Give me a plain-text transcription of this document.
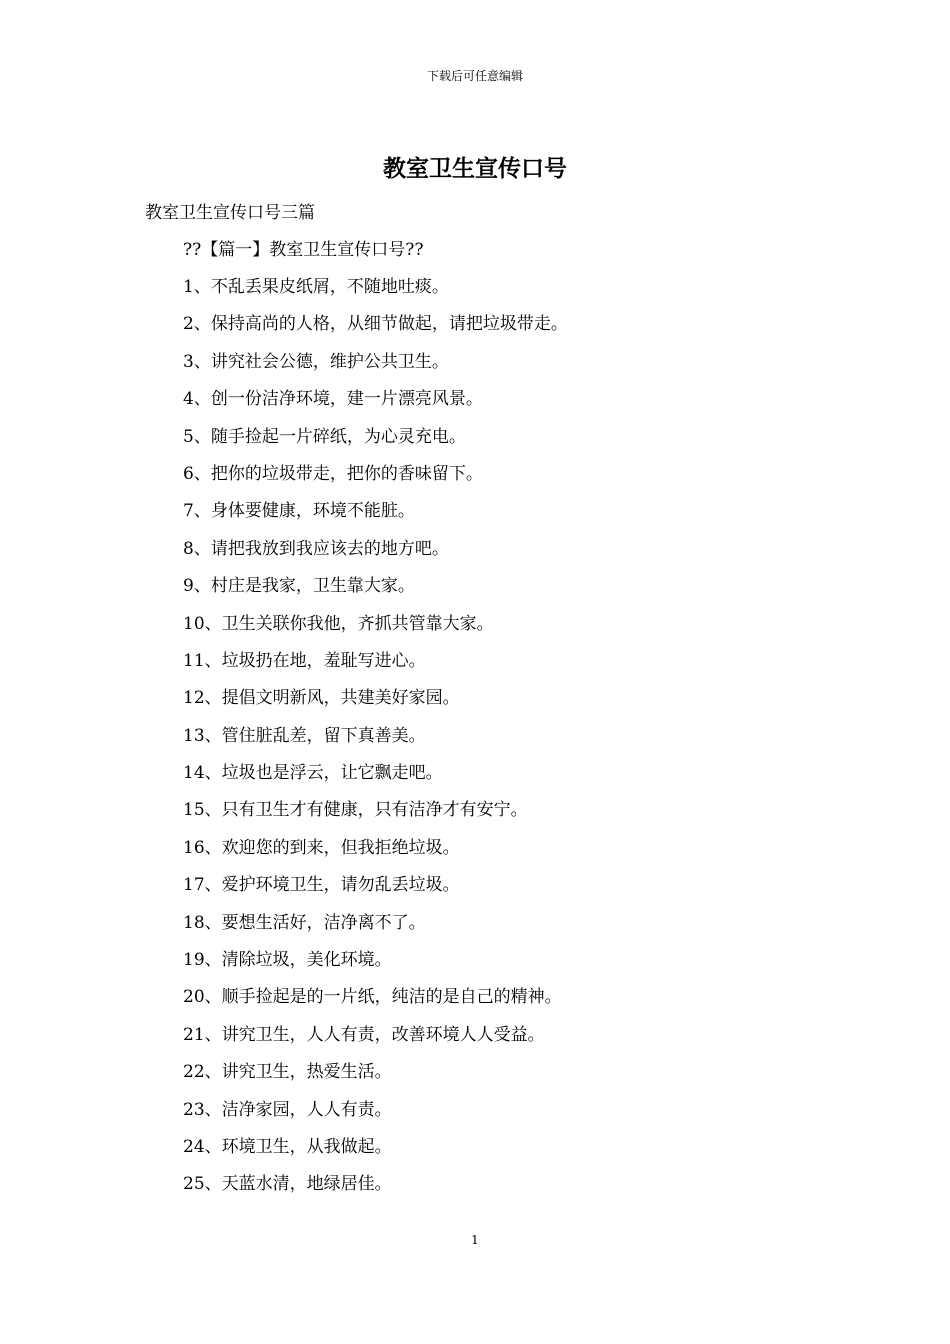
下载后可任意编辑
教室卫生宣传口号
教室卫生宣传口号三篇
??【篇一】教室卫生宣传口号??
1、不乱丢果皮纸屑，不随地吐痰。
2、保持高尚的人格，从细节做起，请把垃圾带走。
3、讲究社会公德，维护公共卫生。
4、创一份洁净环境，建一片漂亮风景。
5、随手捡起一片碎纸，为心灵充电。
6、把你的垃圾带走，把你的香味留下。
7、身体要健康，环境不能脏。
8、请把我放到我应该去的地方吧。
9、村庄是我家，卫生靠大家。
10、卫生关联你我他，齐抓共管靠大家。
11、垃圾扔在地，羞耻写进心。
12、提倡文明新风，共建美好家园。
13、管住脏乱差，留下真善美。
14、垃圾也是浮云，让它飘走吧。
15、只有卫生才有健康，只有洁净才有安宁。
16、欢迎您的到来，但我拒绝垃圾。
17、爱护环境卫生，请勿乱丢垃圾。
18、要想生活好，洁净离不了。
19、清除垃圾，美化环境。
20、顺手捡起是的一片纸，纯洁的是自己的精神。
21、讲究卫生，人人有责，改善环境人人受益。
22、讲究卫生，热爱生活。
23、洁净家园，人人有责。
24、环境卫生，从我做起。
25、天蓝水清，地绿居佳。
1
